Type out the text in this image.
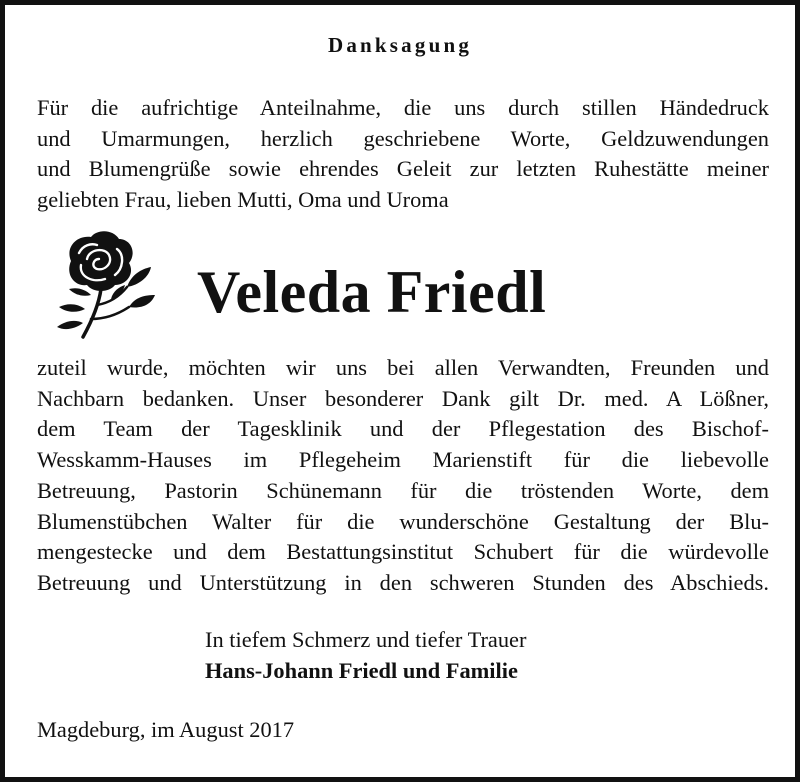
Danksagung
Für die aufrichtige Anteilnahme, die uns durch stillen Händedruck
und Umarmungen, herzlich geschriebene Worte, Geldzuwendungen
und Blumengrüße sowie ehrendes Geleit zur letzten Ruhestätte meiner
geliebten Frau, lieben Mutti, Oma und Uroma
Veleda Friedl
zuteil wurde, möchten wir uns bei allen Verwandten, Freunden und
Nachbarn bedanken. Unser besonderer Dank gilt Dr. med. A Lößner,
dem Team der Tagesklinik und der Pflegestation des Bischof-
Wesskamm-Hauses im Pflegeheim Marienstift für die liebevolle
Betreuung, Pastorin Schünemann für die tröstenden Worte, dem
Blumenstübchen Walter für die wunderschöne Gestaltung der Blu-
mengestecke und dem Bestattungsinstitut Schubert für die würdevolle
Betreuung und Unterstützung in den schweren Stunden des Abschieds.
In tiefem Schmerz und tiefer Trauer
Hans-Johann Friedl und Familie
Magdeburg, im August 2017
